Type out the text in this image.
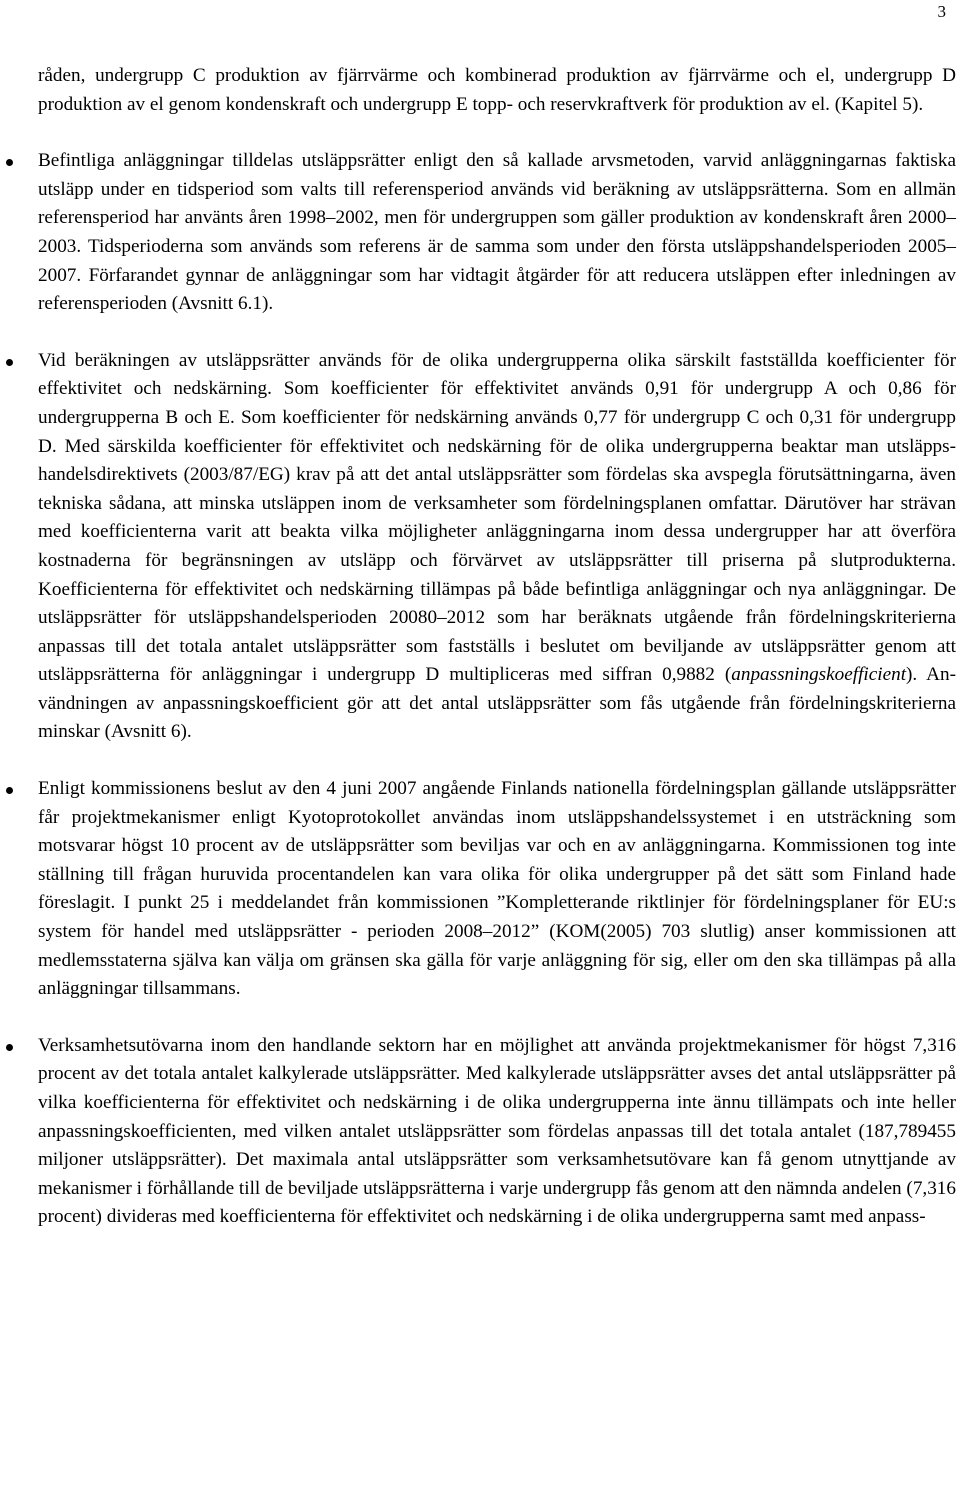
3

råden, undergrupp C produktion av fjärrvärme och kombinerad produktion av fjärrvärme och el, undergrupp D produktion av el genom kondenskraft och undergrupp E topp- och reservkraftverk för produktion av el. (Kapitel 5).

Befintliga anläggningar tilldelas utsläppsrätter enligt den så kallade arvsmetoden, varvid anläggningarnas faktiska utsläpp under en tidsperiod som valts till referensperiod används vid beräkning av utsläppsrätterna. Som en allmän referensperiod har använts åren 1998–2002, men för undergruppen som gäller produktion av kondenskraft åren 2000–2003. Tidsperioderna som används som referens är de samma som under den första utsläppshandelsperioden 2005–2007. Förfarandet gynnar de anläggningar som har vidtagit åtgärder för att reducera utsläppen efter inledningen av referensperioden (Avsnitt 6.1).

Vid beräkningen av utsläppsrätter används för de olika undergrupperna olika särskilt fastställda koefficienter för effektivitet och nedskärning. Som koefficienter för effektivitet används 0,91 för undergrupp A och 0,86 för undergrupperna B och E. Som koefficienter för nedskärning används 0,77 för undergrupp C och 0,31 för undergrupp D. Med särskilda koefficienter för effektivitet och nedskärning för de olika undergrupperna beaktar man utsläppshandelsdirektivets (2003/87/EG) krav på att det antal utsläppsrätter som fördelas ska avspegla förutsättningarna, även tekniska sådana, att minska utsläppen inom de verksamheter som fördelningsplanen omfattar. Därutöver har strävan med koefficienterna varit att beakta vilka möjligheter anläggningarna inom dessa undergrupper har att överföra kostnaderna för begränsningen av utsläpp och förvärvet av utsläppsrätter till priserna på slutprodukterna. Koefficienterna för effektivitet och nedskärning tillämpas på både befintliga anläggningar och nya anläggningar. De utsläppsrätter för utsläppshandelsperioden 20080–2012 som har beräknats utgående från fördelningskriterierna anpassas till det totala antalet utsläppsrätter som fastställs i beslutet om beviljande av utsläppsrätter genom att utsläppsrätterna för anläggningar i undergrupp D multipliceras med siffran 0,9882 (anpassningskoefficient). Användningen av anpassningskoefficient gör att det antal utsläppsrätter som fås utgående från fördelningskriterierna minskar (Avsnitt 6).

Enligt kommissionens beslut av den 4 juni 2007 angående Finlands nationella fördelningsplan gällande utsläppsrätter får projektmekanismer enligt Kyotoprotokollet användas inom utsläppshandelssystemet i en utsträckning som motsvarar högst 10 procent av de utsläppsrätter som beviljas var och en av anläggningarna. Kommissionen tog inte ställning till frågan huruvida procentandelen kan vara olika för olika undergrupper på det sätt som Finland hade föreslagit. I punkt 25 i meddelandet från kommissionen ”Kompletterande riktlinjer för fördelningsplaner för EU:s system för handel med utsläppsrätter - perioden 2008–2012” (KOM(2005) 703 slutlig) anser kommissionen att medlemsstaterna själva kan välja om gränsen ska gälla för varje anläggning för sig, eller om den ska tillämpas på alla anläggningar tillsammans.

Verksamhetsutövarna inom den handlande sektorn har en möjlighet att använda projektmekanismer för högst 7,316 procent av det totala antalet kalkylerade utsläppsrätter. Med kalkylerade utsläppsrätter avses det antal utsläppsrätter på vilka koefficienterna för effektivitet och nedskärning i de olika undergrupperna inte ännu tillämpats och inte heller anpassningskoefficienten, med vilken antalet utsläppsrätter som fördelas anpassas till det totala antalet (187,789455 miljoner utsläppsrätter). Det maximala antal utsläppsrätter som verksamhetsutövare kan få genom utnyttjande av mekanismer i förhållande till de beviljade utsläppsrätterna i varje undergrupp fås genom att den nämnda andelen (7,316 procent) divideras med koefficienterna för effektivitet och nedskärning i de olika undergrupperna samt med anpass-
